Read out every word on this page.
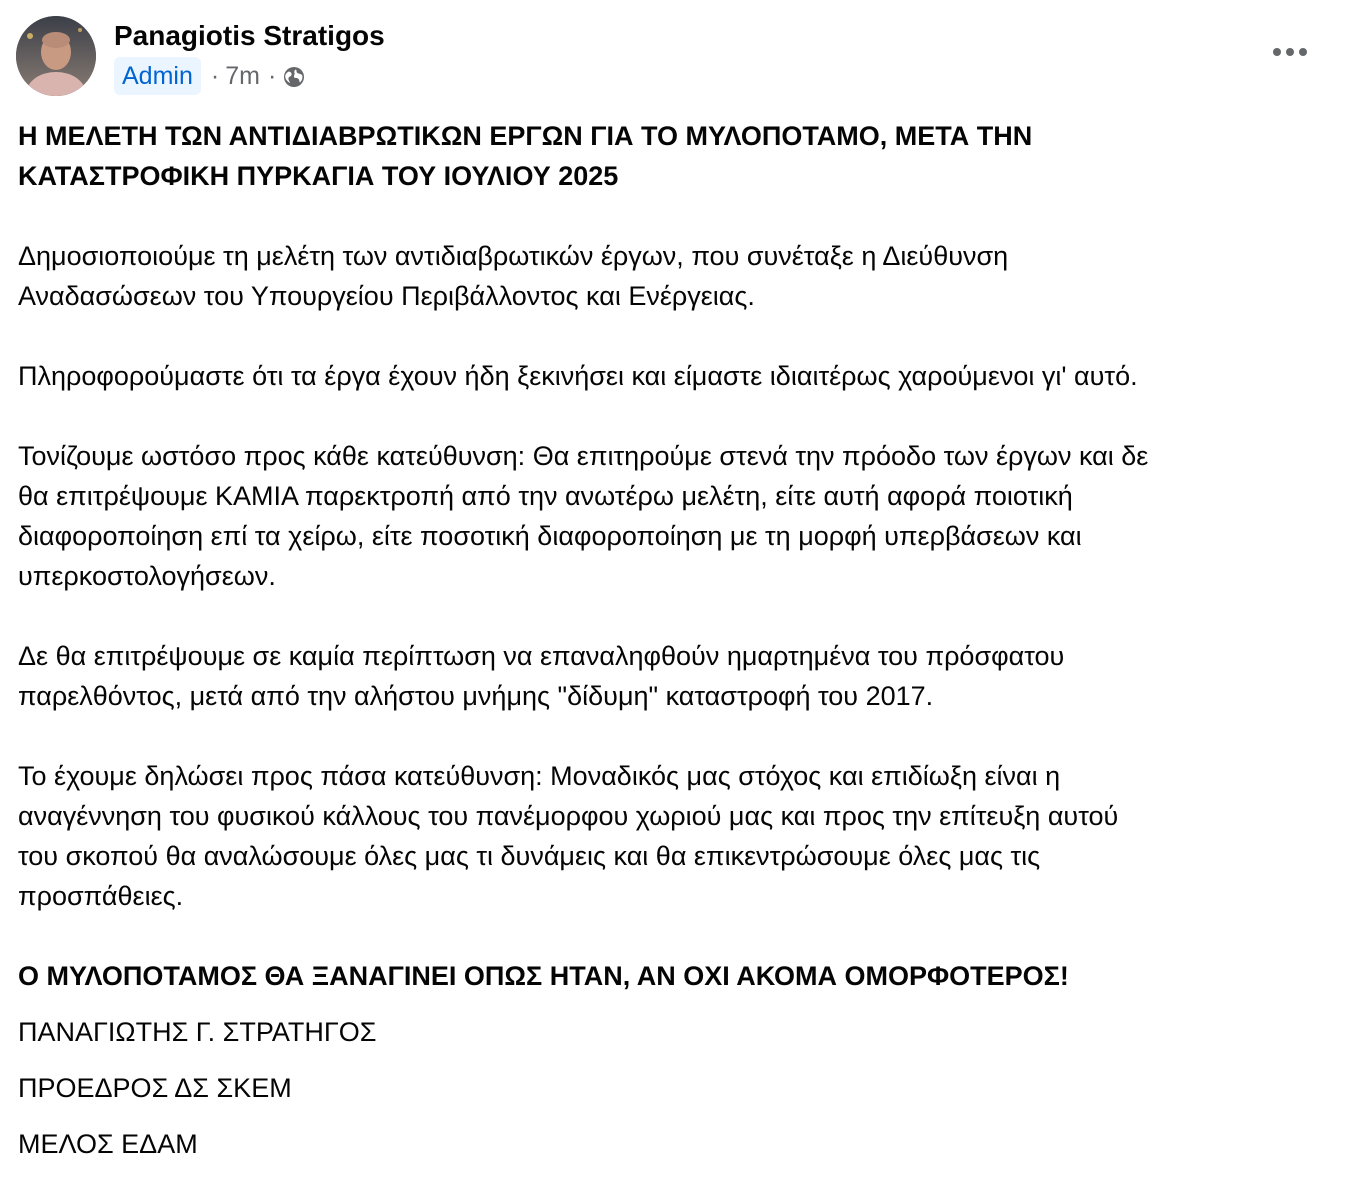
Panagiotis Stratigos
Admin · 7m ·

Η ΜΕΛΕΤΗ ΤΩΝ ΑΝΤΙΔΙΑΒΡΩΤΙΚΩΝ ΕΡΓΩΝ ΓΙΑ ΤΟ ΜΥΛΟΠΟΤΑΜΟ, ΜΕΤΑ ΤΗΝ

ΚΑΤΑΣΤΡΟΦΙΚΗ ΠΥΡΚΑΓΙΑ ΤΟΥ ΙΟΥΛΙΟΥ 2025

Δημοσιοποιούμε τη μελέτη των αντιδιαβρωτικών έργων, που συνέταξε η Διεύθυνση

Αναδασώσεων του Υπουργείου Περιβάλλοντος και Ενέργειας.

Πληροφορούμαστε ότι τα έργα έχουν ήδη ξεκινήσει και είμαστε ιδιαιτέρως χαρούμενοι γι' αυτό.

Τονίζουμε ωστόσο προς κάθε κατεύθυνση: Θα επιτηρούμε στενά την πρόοδο των έργων και δε

θα επιτρέψουμε ΚΑΜΙΑ παρεκτροπή από την ανωτέρω μελέτη, είτε αυτή αφορά ποιοτική

διαφοροποίηση επί τα χείρω, είτε ποσοτική διαφοροποίηση με τη μορφή υπερβάσεων και

υπερκοστολογήσεων.

Δε θα επιτρέψουμε σε καμία περίπτωση να επαναληφθούν ημαρτημένα του πρόσφατου

παρελθόντος, μετά από την αλήστου μνήμης "δίδυμη" καταστροφή του 2017.

Το έχουμε δηλώσει προς πάσα κατεύθυνση: Μοναδικός μας στόχος και επιδίωξη είναι η

αναγέννηση του φυσικού κάλλους του πανέμορφου χωριού μας και προς την επίτευξη αυτού

του σκοπού θα αναλώσουμε όλες μας τι δυνάμεις και θα επικεντρώσουμε όλες μας τις

προσπάθειες.

Ο ΜΥΛΟΠΟΤΑΜΟΣ ΘΑ ΞΑΝΑΓΙΝΕΙ ΟΠΩΣ ΗΤΑΝ, ΑΝ ΟΧΙ ΑΚΟΜΑ ΟΜΟΡΦΟΤΕΡΟΣ!

ΠΑΝΑΓΙΩΤΗΣ Γ. ΣΤΡΑΤΗΓΟΣ

ΠΡΟΕΔΡΟΣ ΔΣ ΣΚΕΜ

ΜΕΛΟΣ ΕΔΑΜ
